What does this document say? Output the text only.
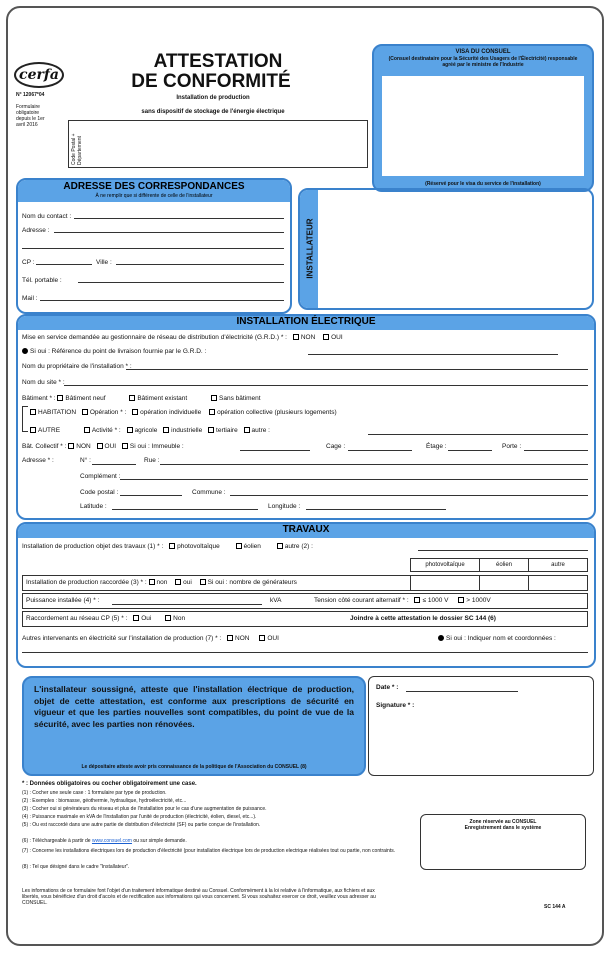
cerfa
N° 12067*04
Formulaire obligatoire depuis le 1er avril 2016
ATTESTATION
DE CONFORMITÉ
Installation de production
sans dispositif de stockage de l'énergie électrique
Code Postal + Département
VISA DU CONSUEL
(Consuel destinataire pour la Sécurité des Usagers de l'Électricité) responsable agréé par le ministre de l'Industrie
(Réservé pour le visa du service de l'installation)
ADRESSE DES CORRESPONDANCES
À ne remplir que si différente de celle de l'installateur
Nom du contact :
Adresse :
CP :	Ville :
Tél. portable :
Mail :
INSTALLATEUR
INSTALLATION ÉLECTRIQUE
Mise en service demandée au gestionnaire de réseau de distribution d'électricité (G.R.D.) * : NON OUI
Si oui : Référence du point de livraison fournie par le G.R.D. :
Nom du propriétaire de l'installation * :
Nom du site * :
Bâtiment * : Bâtiment neuf	Bâtiment existant	Sans bâtiment
HABITATION Opération * : opération individuelle opération collective (plusieurs logements)
AUTRE	Activité * : agricole industrielle tertiaire autre :
Bât. Collectif * : NON OUI Si oui : Immeuble :	Cage :	Étage :	Porte :
Adresse * :	N° :	Rue :
Complément :
Code postal :	Commune :
Latitude :	Longitude :
TRAVAUX
Installation de production objet des travaux (1) * : photovoltaïque	éolien	autre (2) :
photovoltaïque	éolien	autre
Installation de production raccordée (3) * : non oui Si oui : nombre de générateurs
Puissance installée (4) * :	kVA	Tension côté courant alternatif * : ≤ 1000 V	> 1000V
Raccordement au réseau CP (5) * : Oui	Non	Joindre à cette attestation le dossier SC 144 (6)
Autres intervenants en électricité sur l'installation de production (7) * : NON	OUI	Si oui : Indiquer nom et coordonnées :
L'installateur soussigné, atteste que l'installation électrique de production, objet de cette attestation, est conforme aux prescriptions de sécurité en vigueur et que les parties nouvelles sont compatibles, du point de vue de la sécurité, avec les parties non rénovées.
Le dépositaire atteste avoir pris connaissance de la politique de l'Association du CONSUEL (8)
Date * :
Signature * :
* : Données obligatoires ou cocher obligatoirement une case.
(1) : Cocher une seule case : 1 formulaire par type de production.
(2) : Exemples : biomasse, géothermie, hydraulique, hydroélectricité, etc...
(3) : Cocher oui si générateurs du réseau et plus de l'installation pour le cas d'une augmentation de puissance.
(4) : Puissance maximale en kVA de l'installation par l'unité de production (électricité, éolien, diesel, etc...).
(5) : Ou est raccordé dans une autre partie de distribution d'électricité (SF) ou partie conçue de l'installation.
(6) : Téléchargeable à partir de www.consuel.com ou sur simple demande.
(7) : Concerne les installations électriques lors de production d'électricité (pour installation électrique lors de production electrique réalisées tout ou partie, non contraints.
(8) : Tel que désigné dans le cadre "Installateur".
Les informations de ce formulaire font l'objet d'un traitement informatique destiné au Consuel. Conformément à la loi relative à l'informatique, aux fichiers et aux libertés, vous bénéficiez d'un droit d'accès et de rectification aux informations qui vous concernent. Si vous souhaitez exercer ce droit, veuillez vous adresser au CONSUEL.
Zone réservée au CONSUEL Enregistrement dans le système
SC 144 A
